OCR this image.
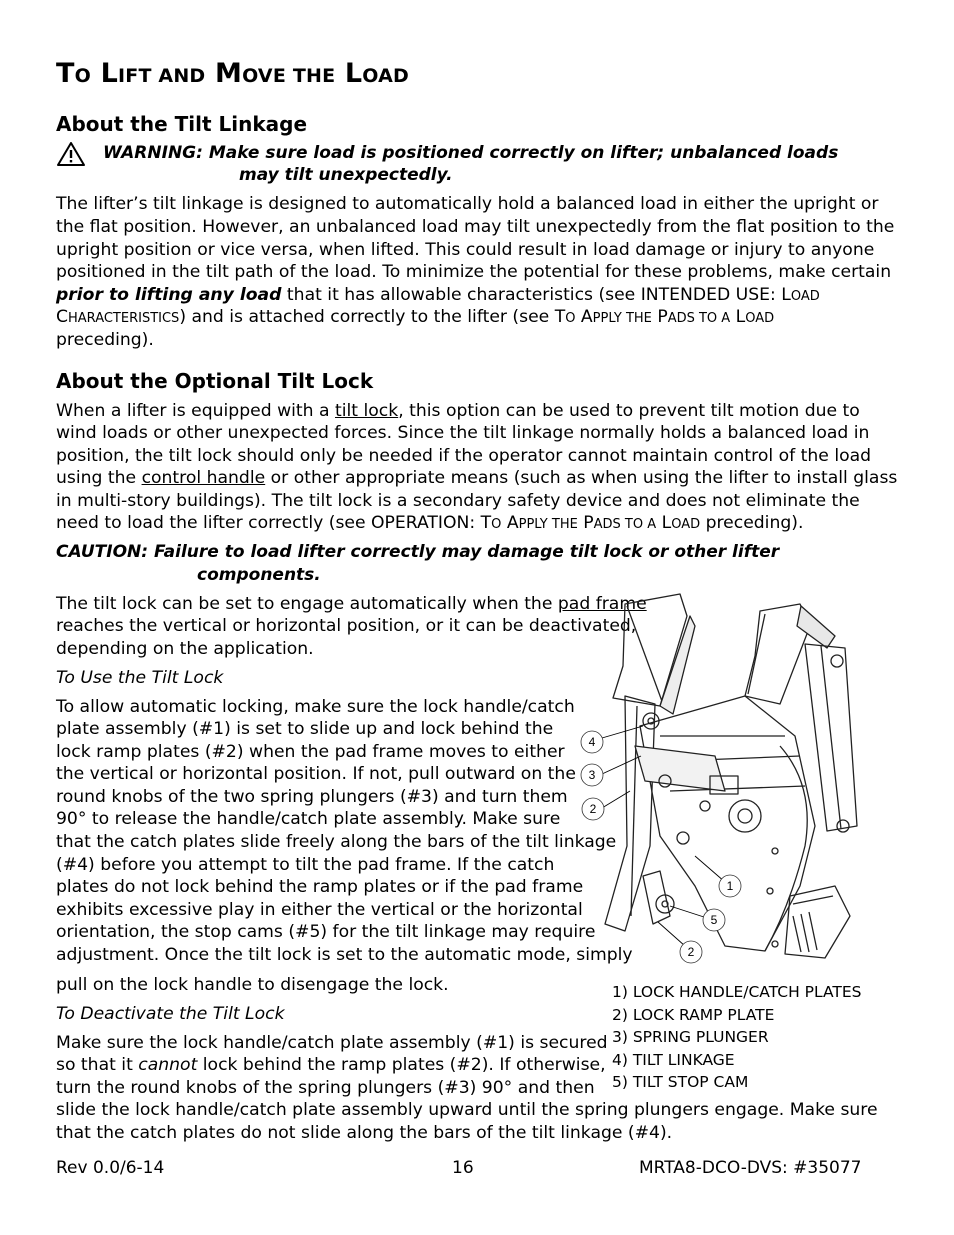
TO LIFT AND MOVE THE LOAD
About the Tilt Linkage
WARNING: Make sure load is positioned correctly on lifter; unbalanced loads
may tilt unexpectedly.
The lifter’s tilt linkage is designed to automatically hold a balanced load in either the upright or
the flat position. However, an unbalanced load may tilt unexpectedly from the flat position to the
upright position or vice versa, when lifted. This could result in load damage or injury to anyone
positioned in the tilt path of the load. To minimize the potential for these problems, make certain
prior to lifting any load that it has allowable characteristics (see INTENDED USE: LOAD
CHARACTERISTICS) and is attached correctly to the lifter (see TO APPLY THE PADS TO A LOAD
preceding).
About the Optional Tilt Lock
When a lifter is equipped with a tilt lock, this option can be used to prevent tilt motion due to
wind loads or other unexpected forces. Since the tilt linkage normally holds a balanced load in
position, the tilt lock should only be needed if the operator cannot maintain control of the load
using the control handle or other appropriate means (such as when using the lifter to install glass
in multi-story buildings). The tilt lock is a secondary safety device and does not eliminate the
need to load the lifter correctly (see OPERATION: TO APPLY THE PADS TO A LOAD preceding).
CAUTION: Failure to load lifter correctly may damage tilt lock or other lifter
components.
The tilt lock can be set to engage automatically when the pad frame
reaches the vertical or horizontal position, or it can be deactivated,
depending on the application.
To Use the Tilt Lock
To allow automatic locking, make sure the lock handle/catch
plate assembly (#1) is set to slide up and lock behind the
lock ramp plates (#2) when the pad frame moves to either
the vertical or horizontal position. If not, pull outward on the
round knobs of the two spring plungers (#3) and turn them
90° to release the handle/catch plate assembly. Make sure
that the catch plates slide freely along the bars of the tilt linkage
(#4) before you attempt to tilt the pad frame. If the catch
plates do not lock behind the ramp plates or if the pad frame
exhibits excessive play in either the vertical or the horizontal
orientation, the stop cams (#5) for the tilt linkage may require
adjustment. Once the tilt lock is set to the automatic mode, simply
pull on the lock handle to disengage the lock.
To Deactivate the Tilt Lock
Make sure the lock handle/catch plate assembly (#1) is secured
so that it cannot lock behind the ramp plates (#2). If otherwise,
turn the round knobs of the spring plungers (#3) 90° and then
slide the lock handle/catch plate assembly upward until the spring plungers engage. Make sure
that the catch plates do not slide along the bars of the tilt linkage (#4).
4
3
2
1
5
2
1) LOCK HANDLE/CATCH PLATES
2) LOCK RAMP PLATE
3) SPRING PLUNGER
4) TILT LINKAGE
5) TILT STOP CAM
Rev 0.0/6-14	16	MRTA8-DCO-DVS: #35077
